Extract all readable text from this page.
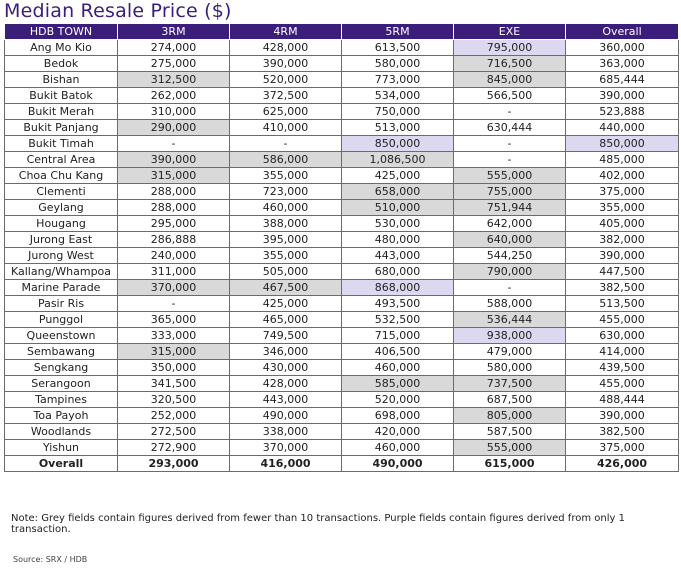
Median Resale Price ($)
HDB TOWN	3RM	4RM	5RM	EXE	Overall
Ang Mo Kio	274,000	428,000	613,500	795,000	360,000
Bedok	275,000	390,000	580,000	716,500	363,000
Bishan	312,500	520,000	773,000	845,000	685,444
Bukit Batok	262,000	372,500	534,000	566,500	390,000
Bukit Merah	310,000	625,000	750,000	-	523,888
Bukit Panjang	290,000	410,000	513,000	630,444	440,000
Bukit Timah	-	-	850,000	-	850,000
Central Area	390,000	586,000	1,086,500	-	485,000
Choa Chu Kang	315,000	355,000	425,000	555,000	402,000
Clementi	288,000	723,000	658,000	755,000	375,000
Geylang	288,000	460,000	510,000	751,944	355,000
Hougang	295,000	388,000	530,000	642,000	405,000
Jurong East	286,888	395,000	480,000	640,000	382,000
Jurong West	240,000	355,000	443,000	544,250	390,000
Kallang/Whampoa	311,000	505,000	680,000	790,000	447,500
Marine Parade	370,000	467,500	868,000	-	382,500
Pasir Ris	-	425,000	493,500	588,000	513,500
Punggol	365,000	465,000	532,500	536,444	455,000
Queenstown	333,000	749,500	715,000	938,000	630,000
Sembawang	315,000	346,000	406,500	479,000	414,000
Sengkang	350,000	430,000	460,000	580,000	439,500
Serangoon	341,500	428,000	585,000	737,500	455,000
Tampines	320,500	443,000	520,000	687,500	488,444
Toa Payoh	252,000	490,000	698,000	805,000	390,000
Woodlands	272,500	338,000	420,000	587,500	382,500
Yishun	272,900	370,000	460,000	555,000	375,000
Overall	293,000	416,000	490,000	615,000	426,000
Note: Grey fields contain figures derived from fewer than 10 transactions. Purple fields contain figures derived from only 1 transaction.
Source: SRX / HDB
